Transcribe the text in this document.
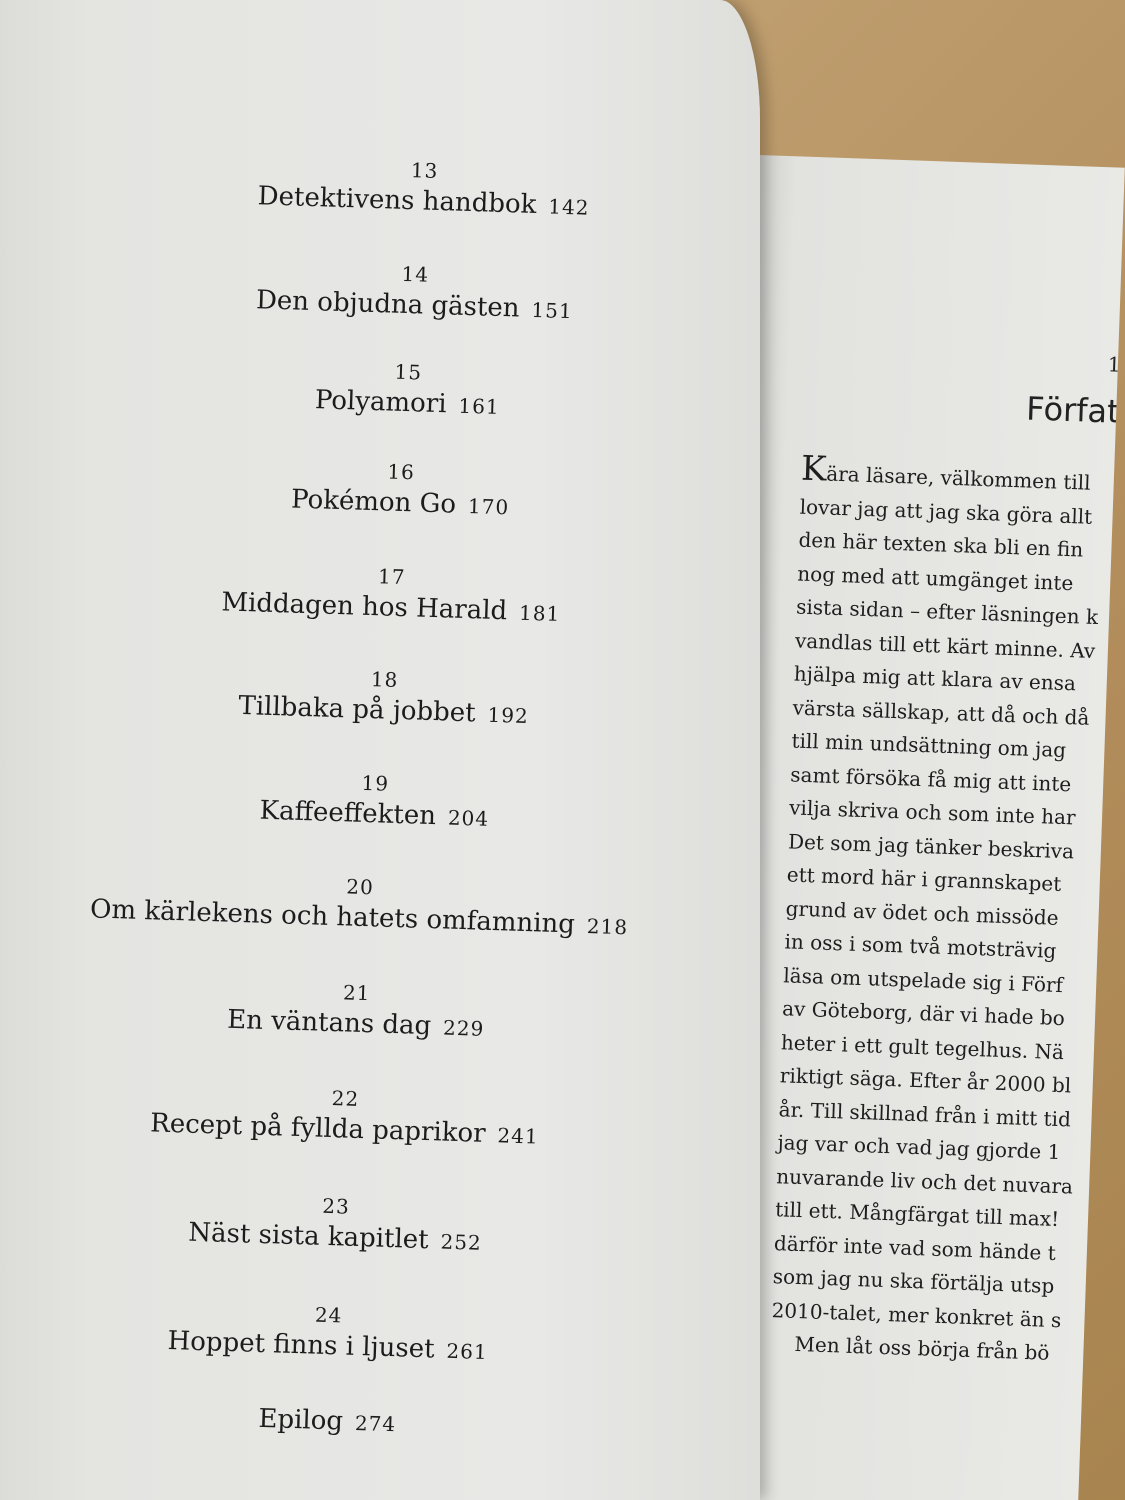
1
Förfat
Kära läsare, välkommen till
lovar jag att jag ska göra allt
den här texten ska bli en fin
nog med att umgänget inte
sista sidan – efter läsningen k
vandlas till ett kärt minne. Av
hjälpa mig att klara av ensa
värsta sällskap, att då och då
till min undsättning om jag
samt försöka få mig att inte
vilja skriva och som inte har
Det som jag tänker beskriva
ett mord här i grannskapet
grund av ödet och missöde
in oss i som två motsträvig
läsa om utspelade sig i Förf
av Göteborg, där vi hade bo
heter i ett gult tegelhus. Nä
riktigt säga. Efter år 2000 bl
år. Till skillnad från i mitt tid
jag var och vad jag gjorde 1
nuvarande liv och det nuvara
till ett. Mångfärgat till max!
därför inte vad som hände t
som jag nu ska förtälja utsp
2010-talet, mer konkret än s
Men låt oss börja från bö
13
Detektivens handbok 142
14
Den objudna gästen 151
15
Polyamori 161
16
Pokémon Go 170
17
Middagen hos Harald 181
18
Tillbaka på jobbet 192
19
Kaffeeffekten 204
20
Om kärlekens och hatets omfamning 218
21
En väntans dag 229
22
Recept på fyllda paprikor 241
23
Näst sista kapitlet 252
24
Hoppet finns i ljuset 261
Epilog 274
